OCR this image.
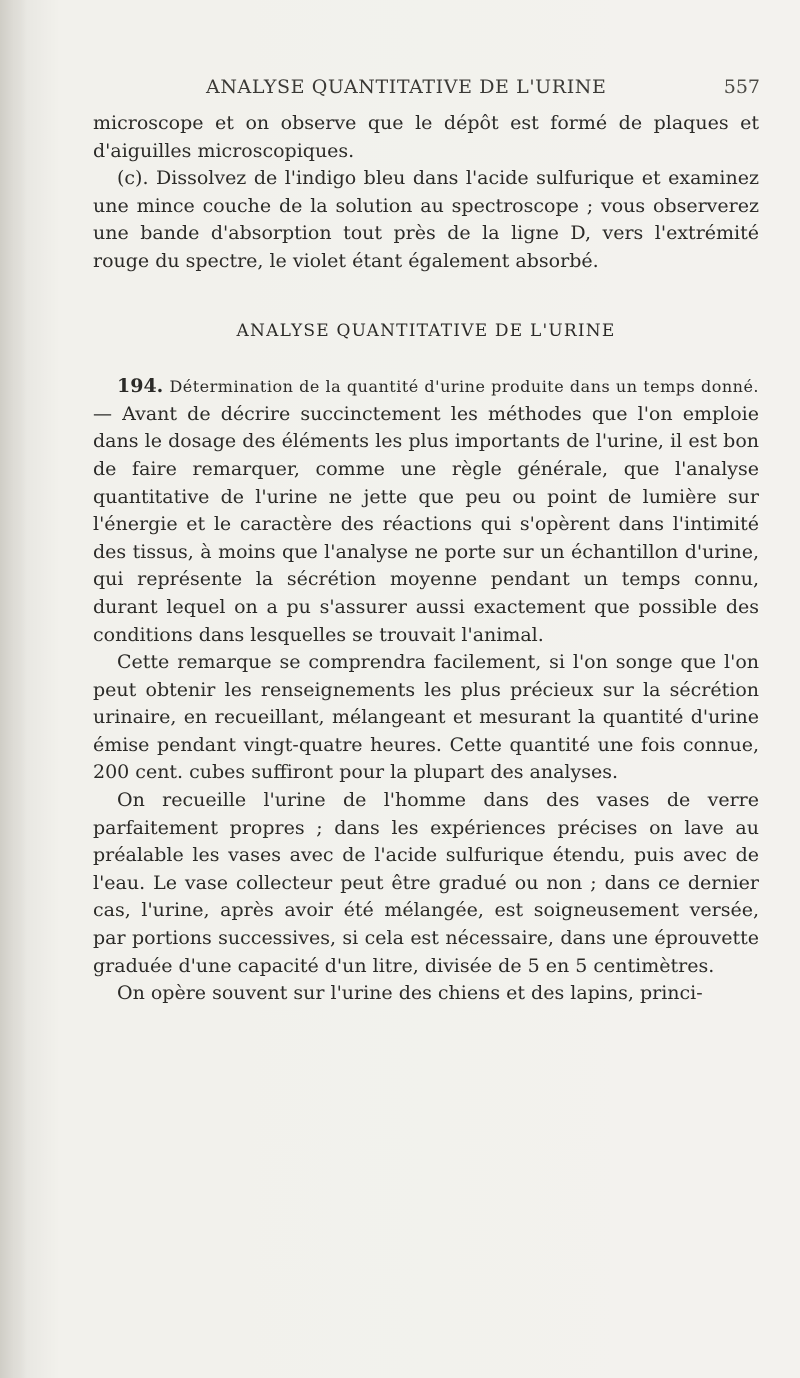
ANALYSE QUANTITATIVE DE L'URINE	557

microscope et on observe que le dépôt est formé de plaques et d'aiguilles microscopiques.

(c). Dissolvez de l'indigo bleu dans l'acide sulfurique et examinez une mince couche de la solution au spectroscope ; vous observerez une bande d'absorption tout près de la ligne D, vers l'extrémité rouge du spectre, le violet étant également absorbé.

ANALYSE QUANTITATIVE DE L'URINE

194. Détermination de la quantité d'urine produite dans un temps donné. — Avant de décrire succinctement les méthodes que l'on emploie dans le dosage des éléments les plus importants de l'urine, il est bon de faire remarquer, comme une règle générale, que l'analyse quantitative de l'urine ne jette que peu ou point de lumière sur l'énergie et le caractère des réactions qui s'opèrent dans l'intimité des tissus, à moins que l'analyse ne porte sur un échantillon d'urine, qui représente la sécrétion moyenne pendant un temps connu, durant lequel on a pu s'assurer aussi exactement que possible des conditions dans lesquelles se trouvait l'animal.

Cette remarque se comprendra facilement, si l'on songe que l'on peut obtenir les renseignements les plus précieux sur la sécrétion urinaire, en recueillant, mélangeant et mesurant la quantité d'urine émise pendant vingt-quatre heures. Cette quantité une fois connue, 200 cent. cubes suffiront pour la plupart des analyses.

On recueille l'urine de l'homme dans des vases de verre parfaitement propres ; dans les expériences précises on lave au préalable les vases avec de l'acide sulfurique étendu, puis avec de l'eau. Le vase collecteur peut être gradué ou non ; dans ce dernier cas, l'urine, après avoir été mélangée, est soigneusement versée, par portions successives, si cela est nécessaire, dans une éprouvette graduée d'une capacité d'un litre, divisée de 5 en 5 centimètres.

On opère souvent sur l'urine des chiens et des lapins, princi-
